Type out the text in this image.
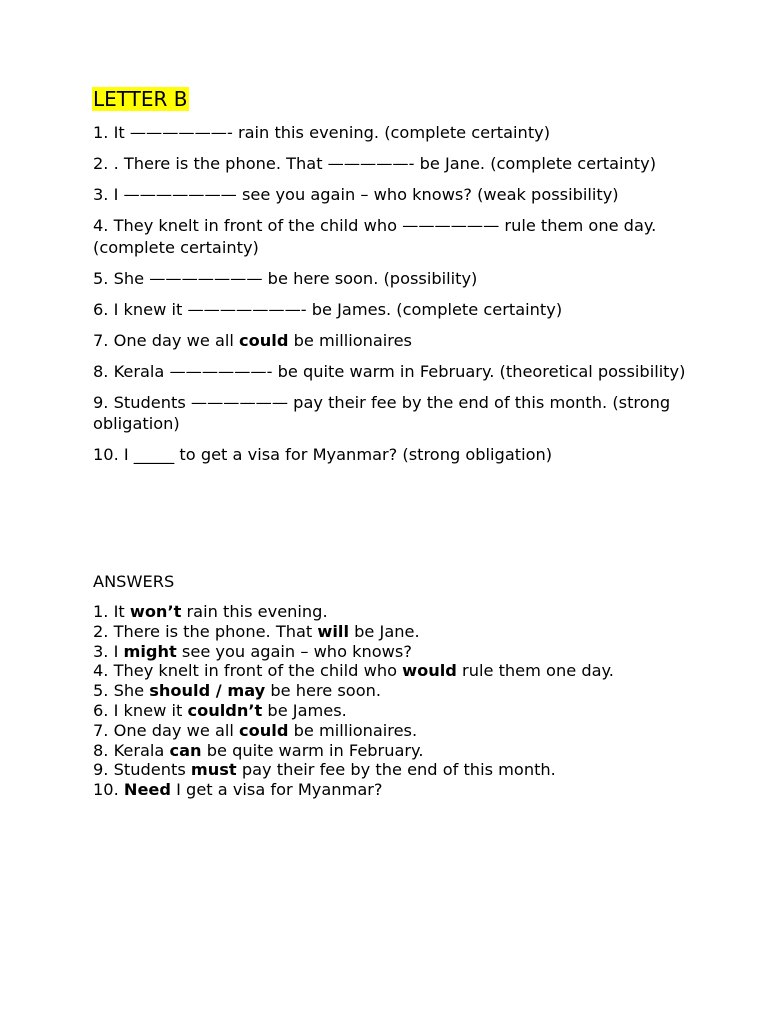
LETTER B
1. It ——————- rain this evening. (complete certainty)
2. . There is the phone. That —————- be Jane. (complete certainty)
3. I ——————— see you again – who knows? (weak possibility)
4. They knelt in front of the child who —————— rule them one day. (complete certainty)
5. She ——————— be here soon. (possibility)
6. I knew it ———————- be James. (complete certainty)
7. One day we all could be millionaires
8. Kerala ——————- be quite warm in February. (theoretical possibility)
9. Students —————— pay their fee by the end of this month. (strong obligation)
10. I _____ to get a visa for Myanmar? (strong obligation)
ANSWERS
1. It won’t rain this evening.
2. There is the phone. That will be Jane.
3. I might see you again – who knows?
4. They knelt in front of the child who would rule them one day.
5. She should / may be here soon.
6. I knew it couldn’t be James.
7. One day we all could be millionaires.
8. Kerala can be quite warm in February.
9. Students must pay their fee by the end of this month.
10. Need I get a visa for Myanmar?
